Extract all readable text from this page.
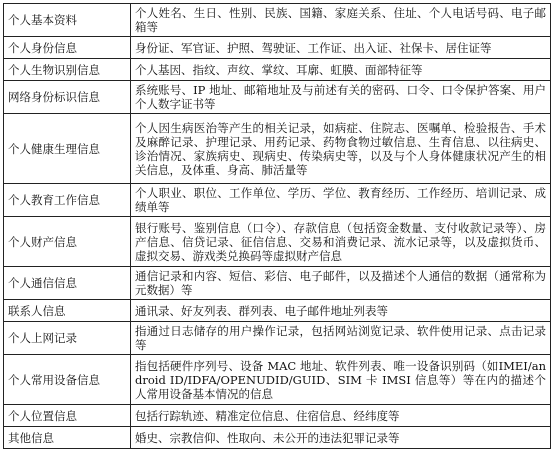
个人基本资料	个人姓名、生日、性别、民族、国籍、家庭关系、住址、个人电话号码、电子邮箱等
个人身份信息	身份证、军官证、护照、驾驶证、工作证、出入证、社保卡、居住证等
个人生物识别信息	个人基因、指纹、声纹、掌纹、耳廓、虹膜、面部特征等
网络身份标识信息	系统账号、IP 地址、邮箱地址及与前述有关的密码、口令、口令保护答案、用户个人数字证书等
个人健康生理信息	个人因生病医治等产生的相关记录，如病症、住院志、医嘱单、检验报告、手术及麻醉记录、护理记录、用药记录、药物食物过敏信息、生育信息、以往病史、诊治情况、家族病史、现病史、传染病史等，以及与个人身体健康状况产生的相关信息，及体重、身高、肺活量等
个人教育工作信息	个人职业、职位、工作单位、学历、学位、教育经历、工作经历、培训记录、成绩单等
个人财产信息	银行账号、鉴别信息（口令）、存款信息（包括资金数量、支付收款记录等）、房产信息、信贷记录、征信信息、交易和消费记录、流水记录等，以及虚拟货币、虚拟交易、游戏类兑换码等虚拟财产信息
个人通信信息	通信记录和内容、短信、彩信、电子邮件，以及描述个人通信的数据（通常称为元数据）等
联系人信息	通讯录、好友列表、群列表、电子邮件地址列表等
个人上网记录	指通过日志储存的用户操作记录，包括网站浏览记录、软件使用记录、点击记录等
个人常用设备信息	指包括硬件序列号、设备 MAC 地址、软件列表、唯一设备识别码（如IMEI/android ID/IDFA/OPENUDID/GUID、SIM 卡 IMSI 信息等）等在内的描述个人常用设备基本情况的信息
个人位置信息	包括行踪轨迹、精准定位信息、住宿信息、经纬度等
其他信息	婚史、宗教信仰、性取向、未公开的违法犯罪记录等
